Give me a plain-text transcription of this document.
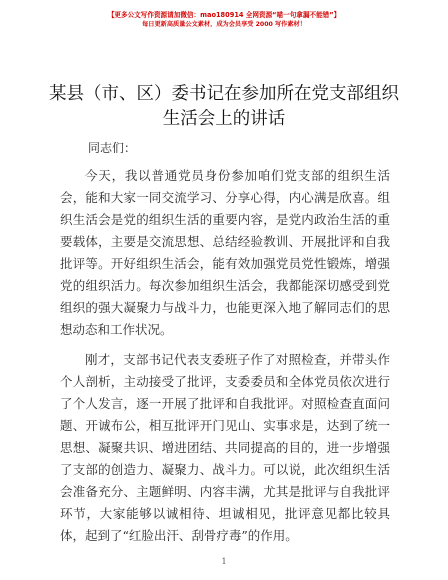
【更多公文写作资源请加微信：mao180914 全网资源“喵一句拿漏不能错”】
每日更新高质量公文素材，成为会员享受 2000 写作素材！
某县（市、区）委书记在参加所在党支部组织
生活会上的讲话

同志们：

今天，我以普通党员身份参加咱们党支部的组织生活会，能和大家一同交流学习、分享心得，内心满是欣喜。组织生活会是党的组织生活的重要内容，是党内政治生活的重要载体，主要是交流思想、总结经验教训、开展批评和自我批评等。开好组织生活会，能有效加强党员党性锻炼，增强党的组织活力。每次参加组织生活会，我都能深切感受到党组织的强大凝聚力与战斗力，也能更深入地了解同志们的思想动态和工作状况。

刚才，支部书记代表支委班子作了对照检查，并带头作个人剖析，主动接受了批评，支委委员和全体党员依次进行了个人发言，逐一开展了批评和自我批评。对照检查直面问题、开诚布公，相互批评开门见山、实事求是，达到了统一思想、凝聚共识、增进团结、共同提高的目的，进一步增强了支部的创造力、凝聚力、战斗力。可以说，此次组织生活会准备充分、主题鲜明、内容丰满，尤其是批评与自我批评环节，大家能够以诚相待、坦诚相见，批评意见都比较具体，起到了“红脸出汗、刮骨疗毒”的作用。

1
